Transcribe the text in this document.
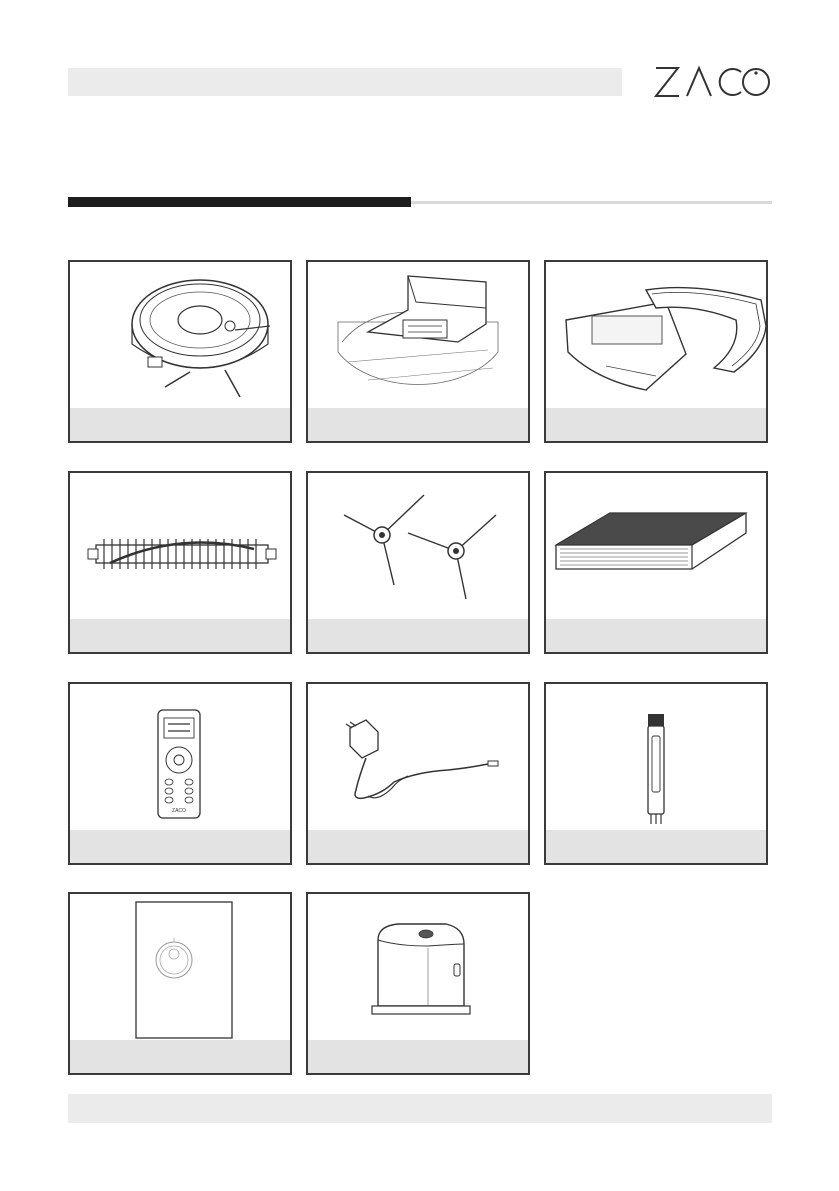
ZACO
